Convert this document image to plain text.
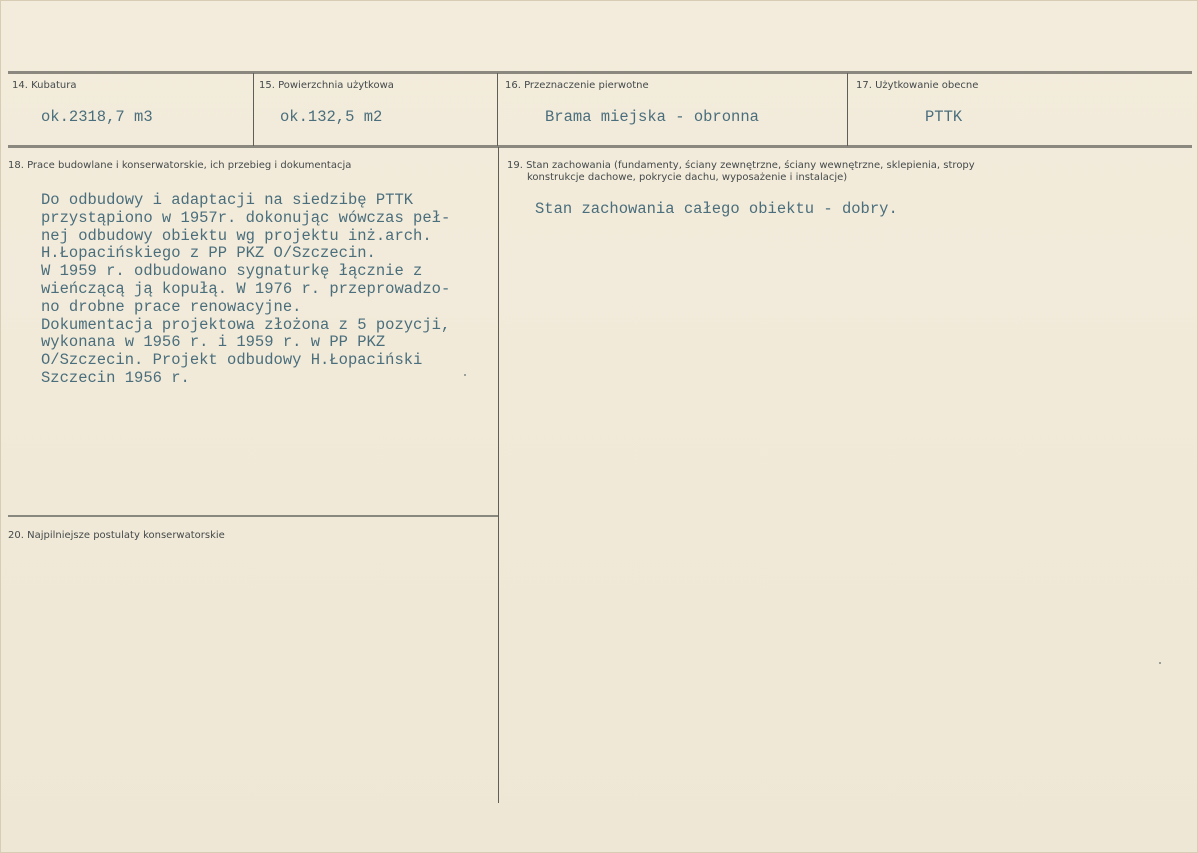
14. Kubatura
ok.2318,7 m3
15. Powierzchnia użytkowa
ok.132,5 m2
16. Przeznaczenie pierwotne
Brama miejska - obronna
17. Użytkowanie obecne
PTTK
18. Prace budowlane i konserwatorskie, ich przebieg i dokumentacja
Do odbudowy i adaptacji na siedzibę PTTK
przystąpiono w 1957r. dokonując wówczas peł-
nej odbudowy obiektu wg projektu inż.arch.
H.Łopacińskiego z PP PKZ O/Szczecin.
W 1959 r. odbudowano sygnaturkę łącznie z
wieńczącą ją kopułą. W 1976 r. przeprowadzo-
no drobne prace renowacyjne.
Dokumentacja projektowa złożona z 5 pozycji,
wykonana w 1956 r. i 1959 r. w PP PKZ
O/Szczecin. Projekt odbudowy H.Łopaciński
Szczecin 1956 r.
19. Stan zachowania (fundamenty, ściany zewnętrzne, ściany wewnętrzne, sklepienia, stropy
konstrukcje dachowe, pokrycie dachu, wyposażenie i instalacje)
Stan zachowania całego obiektu - dobry.
20. Najpilniejsze postulaty konserwatorskie
